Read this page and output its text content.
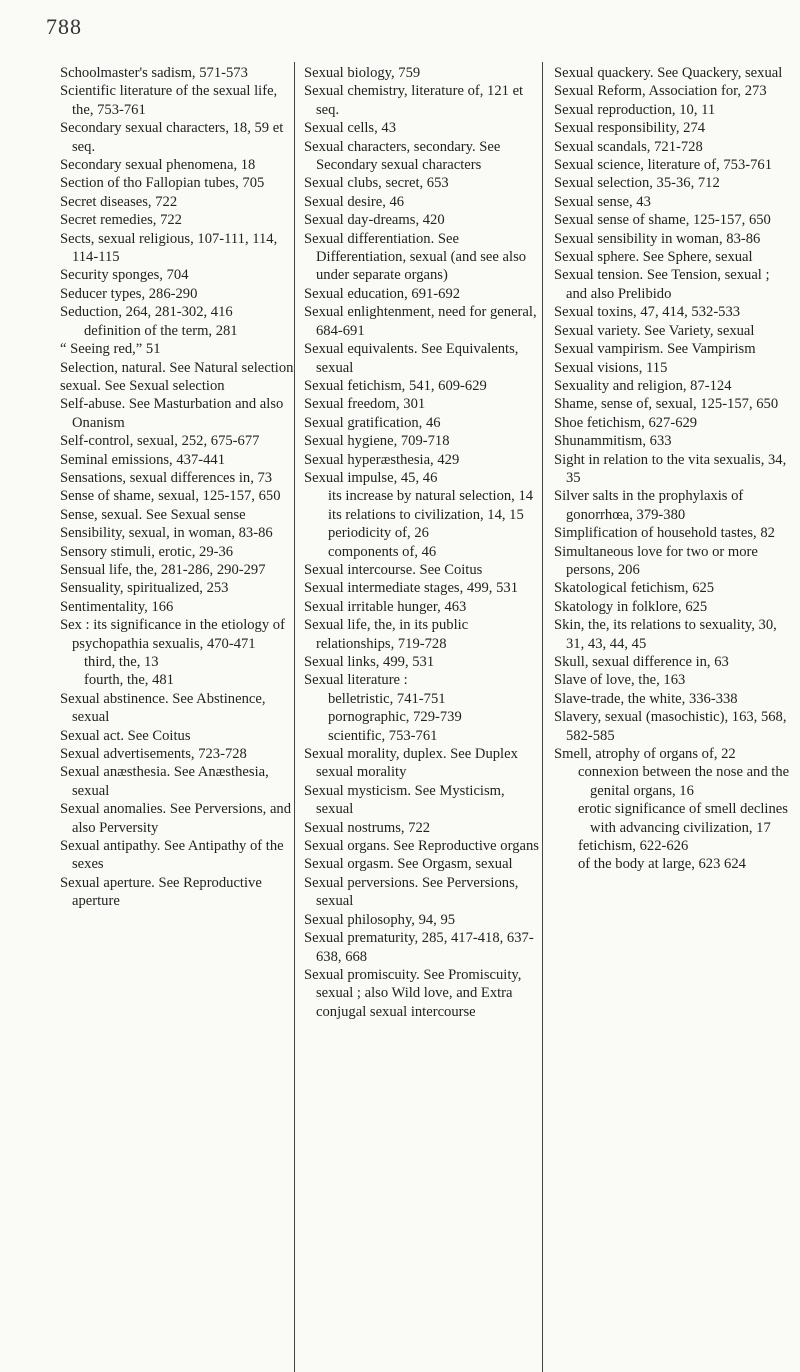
788
Schoolmaster's sadism, 571-573
Scientific literature of the sexual life, the, 753-761
Secondary sexual characters, 18, 59 et seq.
Secondary sexual phenomena, 18
Section of tho Fallopian tubes, 705
Secret diseases, 722
Secret remedies, 722
Sects, sexual religious, 107-111, 114, 114-115
Security sponges, 704
Seducer types, 286-290
Seduction, 264, 281-302, 416
definition of the term, 281
“ Seeing red,” 51
Selection, natural. See Natural selection
sexual. See Sexual selection
Self-abuse. See Masturbation and also Onanism
Self-control, sexual, 252, 675-677
Seminal emissions, 437-441
Sensations, sexual differences in, 73
Sense of shame, sexual, 125-157, 650
Sense, sexual. See Sexual sense
Sensibility, sexual, in woman, 83-86
Sensory stimuli, erotic, 29-36
Sensual life, the, 281-286, 290-297
Sensuality, spiritualized, 253
Sentimentality, 166
Sex : its significance in the etiology of psychopathia sexualis, 470-471
third, the, 13
fourth, the, 481
Sexual abstinence. See Abstinence, sexual
Sexual act. See Coitus
Sexual advertisements, 723-728
Sexual anæsthesia. See Anæsthesia, sexual
Sexual anomalies. See Perversions, and also Perversity
Sexual antipathy. See Antipathy of the sexes
Sexual aperture. See Reproductive aperture
Sexual biology, 759
Sexual chemistry, literature of, 121 et seq.
Sexual cells, 43
Sexual characters, secondary. See Secondary sexual characters
Sexual clubs, secret, 653
Sexual desire, 46
Sexual day-dreams, 420
Sexual differentiation. See Differentiation, sexual (and see also under separate organs)
Sexual education, 691-692
Sexual enlightenment, need for general, 684-691
Sexual equivalents. See Equivalents, sexual
Sexual fetichism, 541, 609-629
Sexual freedom, 301
Sexual gratification, 46
Sexual hygiene, 709-718
Sexual hyperæsthesia, 429
Sexual impulse, 45, 46
its increase by natural selection, 14
its relations to civilization, 14, 15
periodicity of, 26
components of, 46
Sexual intercourse. See Coitus
Sexual intermediate stages, 499, 531
Sexual irritable hunger, 463
Sexual life, the, in its public relationships, 719-728
Sexual links, 499, 531
Sexual literature :
belletristic, 741-751
pornographic, 729-739
scientific, 753-761
Sexual morality, duplex. See Duplex sexual morality
Sexual mysticism. See Mysticism, sexual
Sexual nostrums, 722
Sexual organs. See Reproductive organs
Sexual orgasm. See Orgasm, sexual
Sexual perversions. See Perversions, sexual
Sexual philosophy, 94, 95
Sexual prematurity, 285, 417-418, 637-638, 668
Sexual promiscuity. See Promiscuity, sexual ; also Wild love, and Extra conjugal sexual intercourse
Sexual quackery. See Quackery, sexual
Sexual Reform, Association for, 273
Sexual reproduction, 10, 11
Sexual responsibility, 274
Sexual scandals, 721-728
Sexual science, literature of, 753-761
Sexual selection, 35-36, 712
Sexual sense, 43
Sexual sense of shame, 125-157, 650
Sexual sensibility in woman, 83-86
Sexual sphere. See Sphere, sexual
Sexual tension. See Tension, sexual ; and also Prelibido
Sexual toxins, 47, 414, 532-533
Sexual variety. See Variety, sexual
Sexual vampirism. See Vampirism
Sexual visions, 115
Sexuality and religion, 87-124
Shame, sense of, sexual, 125-157, 650
Shoe fetichism, 627-629
Shunammitism, 633
Sight in relation to the vita sexualis, 34, 35
Silver salts in the prophylaxis of gonorrhœa, 379-380
Simplification of household tastes, 82
Simultaneous love for two or more persons, 206
Skatological fetichism, 625
Skatology in folklore, 625
Skin, the, its relations to sexuality, 30, 31, 43, 44, 45
Skull, sexual difference in, 63
Slave of love, the, 163
Slave-trade, the white, 336-338
Slavery, sexual (masochistic), 163, 568, 582-585
Smell, atrophy of organs of, 22
connexion between the nose and the genital organs, 16
erotic significance of smell declines with advancing civilization, 17
fetichism, 622-626
of the body at large, 623 624
